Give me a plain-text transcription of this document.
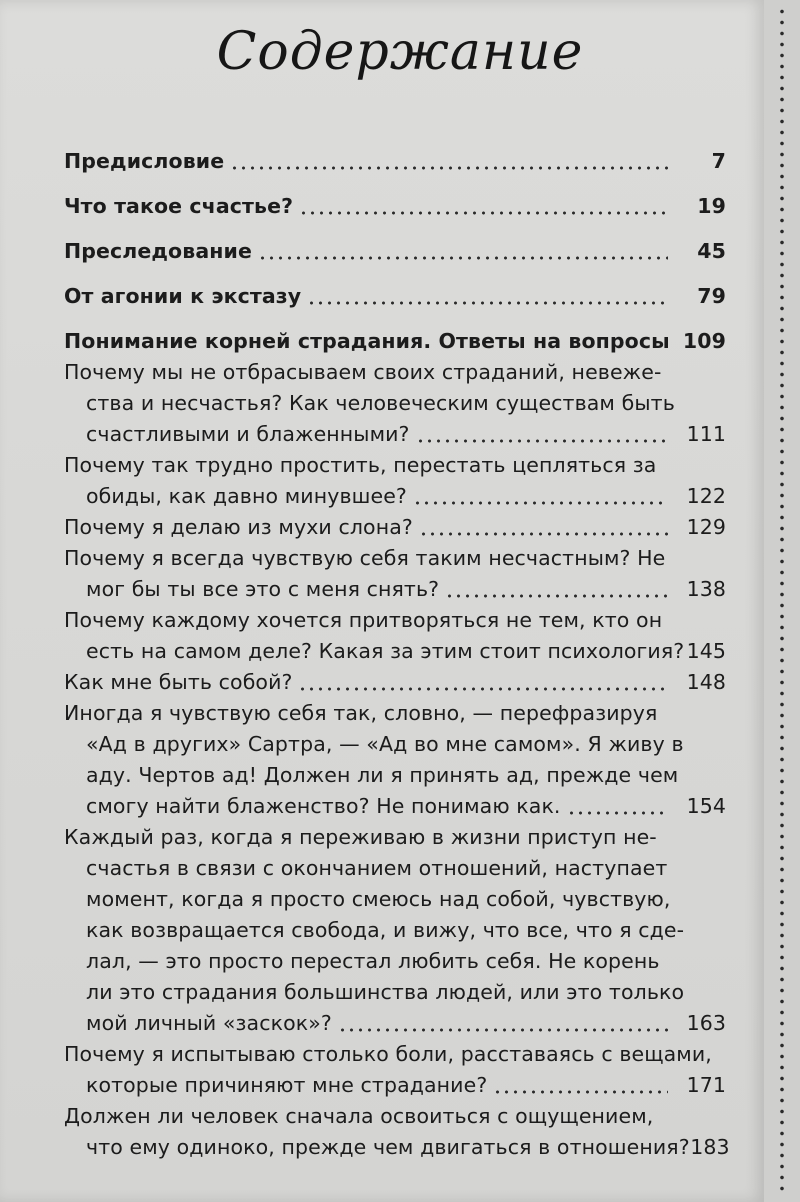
Содержание
Предисловие	7
Что такое счастье?	19
Преследование	45
От агонии к экстазу	79
Понимание корней страдания. Ответы на вопросы 109
Почему мы не отбрасываем своих страданий, невеже-
ства и несчастья? Как человеческим существам быть
счастливыми и блаженными?	111
Почему так трудно простить, перестать цепляться за
обиды, как давно минувшее?	122
Почему я делаю из мухи слона?	129
Почему я всегда чувствую себя таким несчастным? Не
мог бы ты все это с меня снять?	138
Почему каждому хочется притворяться не тем, кто он
есть на самом деле? Какая за этим стоит психология? 145
Как мне быть собой?	148
Иногда я чувствую себя так, словно, — перефразируя
«Ад в других» Сартра, — «Ад во мне самом». Я живу в
аду. Чертов ад! Должен ли я принять ад, прежде чем
смогу найти блаженство? Не понимаю как.	154
Каждый раз, когда я переживаю в жизни приступ не-
счастья в связи с окончанием отношений, наступает
момент, когда я просто смеюсь над собой, чувствую,
как возвращается свобода, и вижу, что все, что я сде-
лал, — это просто перестал любить себя. Не корень
ли это страдания большинства людей, или это только
мой личный «заскок»?	163
Почему я испытываю столько боли, расставаясь с вещами,
которые причиняют мне страдание?	171
Должен ли человек сначала освоиться с ощущением,
что ему одиноко, прежде чем двигаться в отношения? 183
